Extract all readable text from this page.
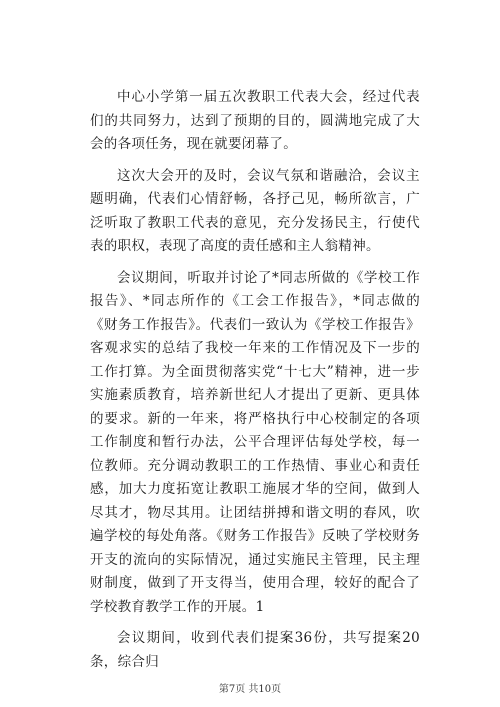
中心小学第一届五次教职工代表大会，经过代表们的共同努力，达到了预期的目的，圆满地完成了大会的各项任务，现在就要闭幕了。

这次大会开的及时，会议气氛和谐融洽，会议主题明确，代表们心情舒畅，各抒己见，畅所欲言，广泛听取了教职工代表的意见，充分发扬民主，行使代表的职权，表现了高度的责任感和主人翁精神。

会议期间，听取并讨论了*同志所做的《学校工作报告》、*同志所作的《工会工作报告》，*同志做的《财务工作报告》。代表们一致认为《学校工作报告》客观求实的总结了我校一年来的工作情况及下一步的工作打算。为全面贯彻落实党“十七大”精神，进一步实施素质教育，培养新世纪人才提出了更新、更具体的要求。新的一年来，将严格执行中心校制定的各项工作制度和暂行办法，公平合理评估每处学校，每一位教师。充分调动教职工的工作热情、事业心和责任感，加大力度拓宽让教职工施展才华的空间，做到人尽其才，物尽其用。让团结拼搏和谐文明的春风，吹遍学校的每处角落。《财务工作报告》反映了学校财务开支的流向的实际情况，通过实施民主管理，民主理财制度，做到了开支得当，使用合理，较好的配合了学校教育教学工作的开展。1

会议期间，收到代表们提案36份，共写提案20条，综合归

第7页 共10页
